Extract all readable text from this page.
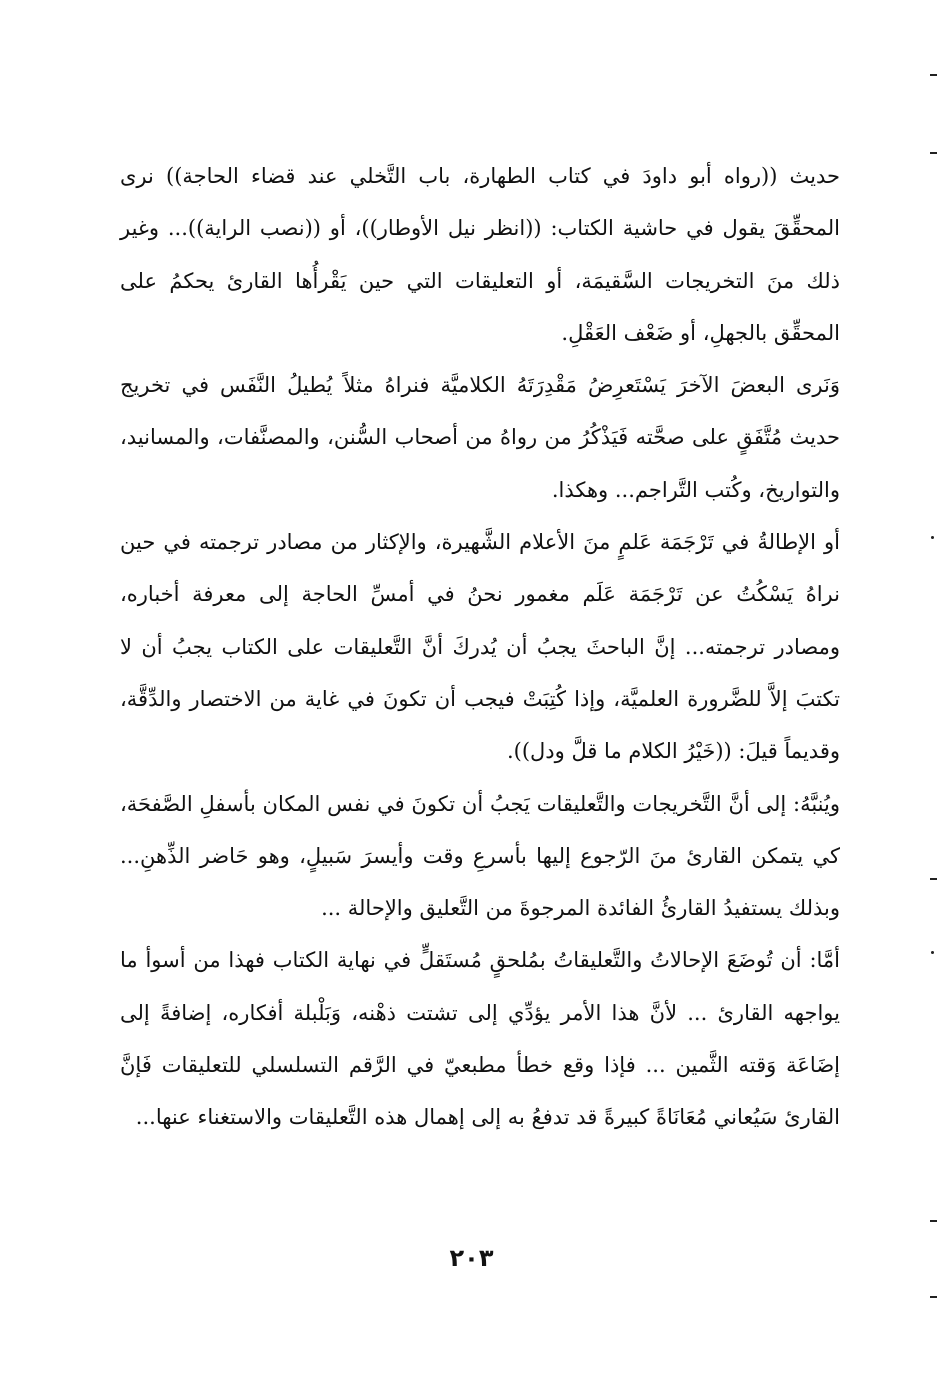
حديث ((رواه أبو داودَ في كتاب الطهارة، باب التَّخلي عند قضاء الحاجة)) نرى المحقِّقَ يقول في حاشية الكتاب: ((انظر نيل الأوطار))، أو ((نصب الراية))... وغير ذلك منَ التخريجات السَّقيمَة، أو التعليقات التي حين يَقْرأُها القارئ يحكمُ على المحقِّق بالجهلِ، أو ضَعْف العَقْلِ.

وَنَرى البعضَ الآخرَ يَسْتَعرِضُ مَقْدِرَتَهُ الكلاميَّة فنراهُ مثلاً يُطيلُ النَّفَس في تخريج حديث مُتَّفَقٍ على صحَّته فَيَذْكُرُ من رواهُ من أصحاب السُّنن، والمصنَّفات، والمسانيد، والتواريخ، وكُتب التَّراجم... وهكذا.

أو الإطالةُ في تَرْجَمَة عَلمٍ منَ الأعلام الشَّهيرة، والإكثار من مصادر ترجمته في حين نراهُ يَسْكُتُ عن تَرْجَمَة عَلَم مغمور نحنُ في أمسِّ الحاجة إلى معرفة أخباره، ومصادر ترجمته... إنَّ الباحثَ يجبُ أن يُدركَ أنَّ التَّعليقات على الكتاب يجبُ أن لا تكتبَ إلاَّ للضَّرورة العلميَّة، وإذا كُتِبَتْ فيجب أن تكونَ في غاية من الاختصار والدِّقَّة، وقديماً قيلَ: ((خَيْرُ الكلام ما قلَّ ودل)).

ويُنبَّهُ: إلى أنَّ التَّخريجات والتَّعليقات يَجبُ أن تكونَ في نفس المكان بأسفلِ الصَّفحَة، كي يتمكن القارئ منَ الرّجوع إليها بأسرعِ وقت وأيسرَ سَبيلٍ، وهو حَاضر الذِّهنِ... وبذلك يستفيدُ القارئُ الفائدة المرجوةَ من التَّعليق والإحالة ...

أمَّا: أن تُوضَعَ الإحالاتُ والتَّعليقاتُ بمُلحقٍ مُستَقلٍّ في نهاية الكتاب فهذا من أسوأ ما يواجهه القارئ ... لأنَّ هذا الأمر يؤدِّي إلى تشتت ذهْنه، وَبَلْبلة أفكاره، إضافةً إلى إضَاعَة وَقته الثَّمين ... فإذا وقع خطأ مطبعيّ في الرَّقم التسلسلي للتعليقات فَإنَّ القارئ سَيُعاني مُعَانَاةً كبيرةً قد تدفعُ به إلى إهمال هذه التَّعليقات والاستغناء عنها...

٢٠٣
